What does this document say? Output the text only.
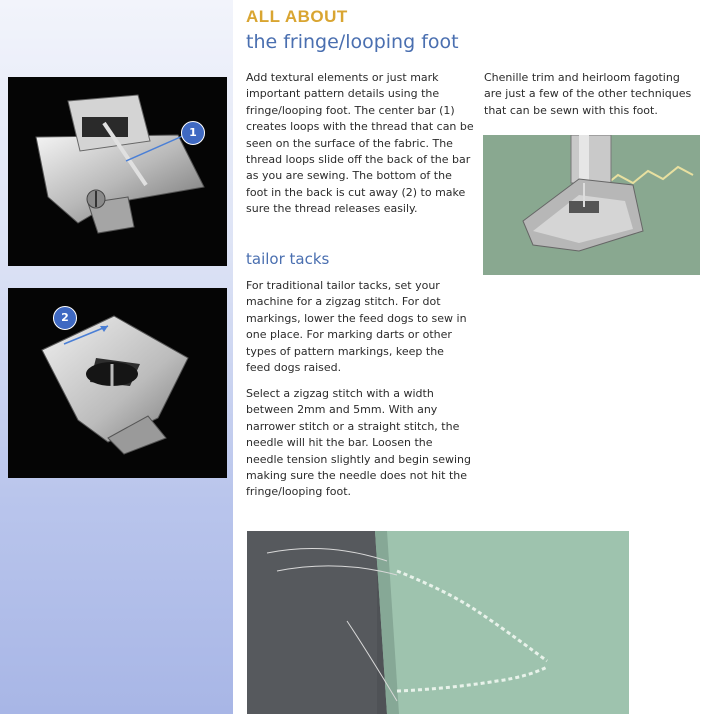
1
2
ALL ABOUT
the fringe/looping foot

Add textural elements or just mark important pattern details using the fringe/looping foot. The center bar (1) creates loops with the thread that can be seen on the surface of the fabric. The thread loops slide off the back of the bar as you are sewing. The bottom of the foot in the back is cut away (2) to make sure the thread releases easily.

tailor tacks

For traditional tailor tacks, set your machine for a zigzag stitch. For dot markings, lower the feed dogs to sew in one place. For marking darts or other types of pattern markings, keep the feed dogs raised.

Select a zigzag stitch with a width between 2mm and 5mm. With any narrower stitch or a straight stitch, the needle will hit the bar. Loosen the needle tension slightly and begin sewing making sure the needle does not hit the fringe/looping foot.

Chenille trim and heirloom fagoting are just a few of the other techniques that can be sewn with this foot.
